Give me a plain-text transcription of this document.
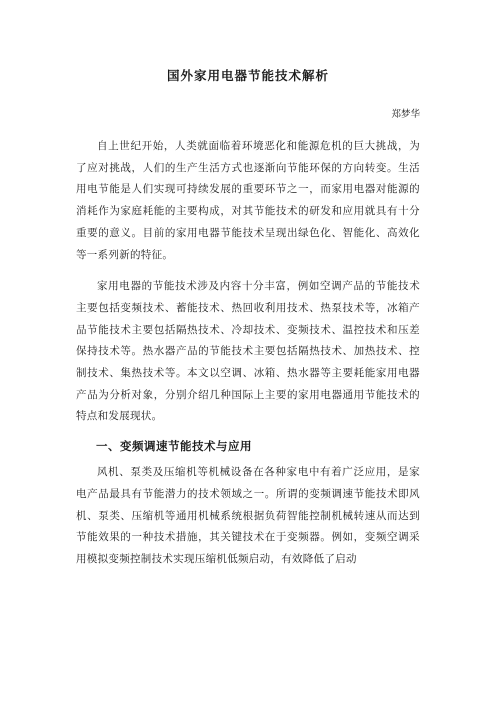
国外家用电器节能技术解析
郑梦华

自上世纪开始，人类就面临着环境恶化和能源危机的巨大挑战，为了应对挑战，人们的生产生活方式也逐渐向节能环保的方向转变。生活用电节能是人们实现可持续发展的重要环节之一，而家用电器对能源的消耗作为家庭耗能的主要构成，对其节能技术的研发和应用就具有十分重要的意义。目前的家用电器节能技术呈现出绿色化、智能化、高效化等一系列新的特征。

家用电器的节能技术涉及内容十分丰富，例如空调产品的节能技术主要包括变频技术、蓄能技术、热回收利用技术、热泵技术等，冰箱产品节能技术主要包括隔热技术、冷却技术、变频技术、温控技术和压差保持技术等。热水器产品的节能技术主要包括隔热技术、加热技术、控制技术、集热技术等。本文以空调、冰箱、热水器等主要耗能家用电器产品为分析对象，分别介绍几种国际上主要的家用电器通用节能技术的特点和发展现状。

一、变频调速节能技术与应用

风机、泵类及压缩机等机械设备在各种家电中有着广泛应用，是家电产品最具有节能潜力的技术领域之一。所谓的变频调速节能技术即风机、泵类、压缩机等通用机械系统根据负荷智能控制机械转速从而达到节能效果的一种技术措施，其关键技术在于变频器。例如，变频空调采用模拟变频控制技术实现压缩机低频启动，有效降低了启动
